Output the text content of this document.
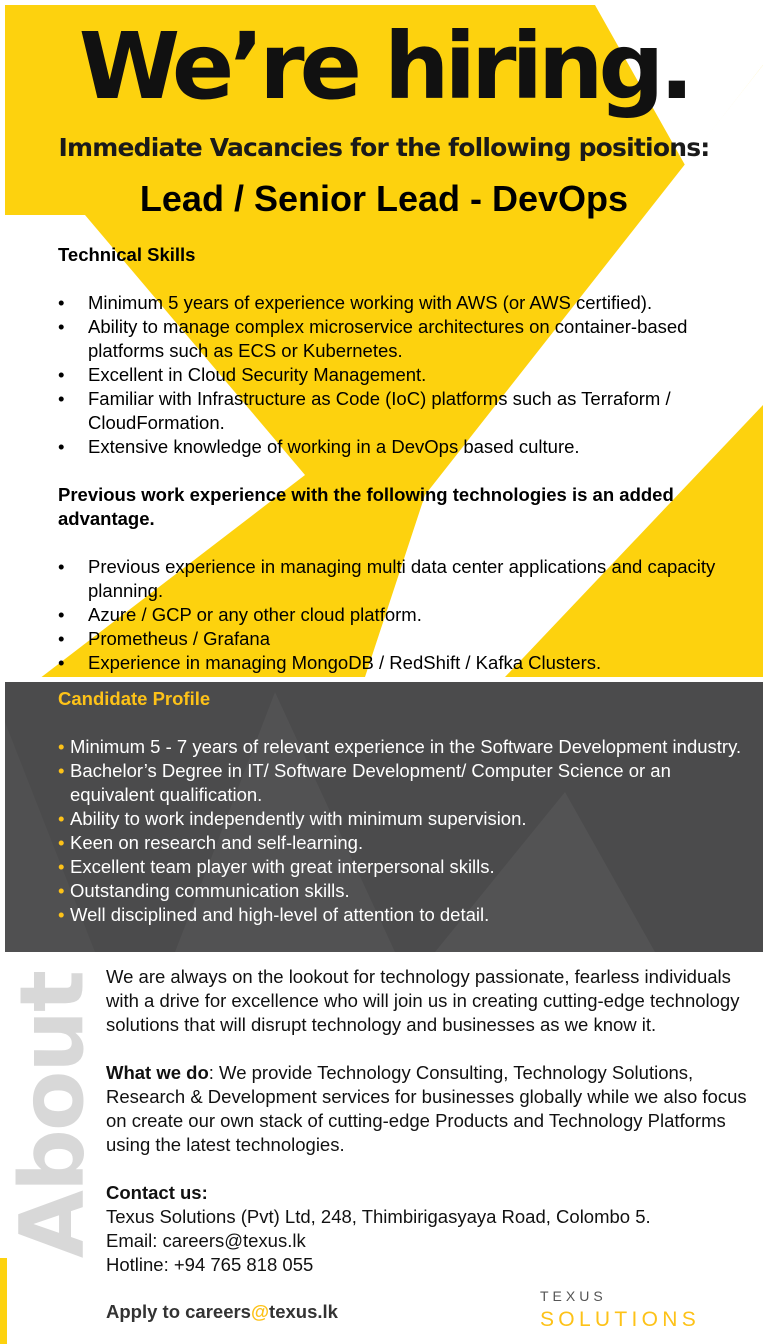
We’re hiring.
Immediate Vacancies for the following positions:
Lead / Senior Lead - DevOps
Technical Skills
• Minimum 5 years of experience working with AWS (or AWS certified).
• Ability to manage complex microservice architectures on container-based platforms such as ECS or Kubernetes.
• Excellent in Cloud Security Management.
• Familiar with Infrastructure as Code (IoC) platforms such as Terraform / CloudFormation.
• Extensive knowledge of working in a DevOps based culture.
Previous work experience with the following technologies is an added advantage.
• Previous experience in managing multi data center applications and capacity planning.
• Azure / GCP or any other cloud platform.
• Prometheus / Grafana
• Experience in managing MongoDB / RedShift / Kafka Clusters.
Candidate Profile
• Minimum 5 - 7 years of relevant experience in the Software Development industry.
• Bachelor’s Degree in IT/ Software Development/ Computer Science or an equivalent qualification.
• Ability to work independently with minimum supervision.
• Keen on research and self-learning.
• Excellent team player with great interpersonal skills.
• Outstanding communication skills.
• Well disciplined and high-level of attention to detail.
About We are always on the lookout for technology passionate, fearless individuals with a drive for excellence who will join us in creating cutting-edge technology solutions that will disrupt technology and businesses as we know it.
What we do: We provide Technology Consulting, Technology Solutions, Research & Development services for businesses globally while we also focus on create our own stack of cutting-edge Products and Technology Platforms using the latest technologies.
Contact us:
Texus Solutions (Pvt) Ltd, 248, Thimbirigasyaya Road, Colombo 5.
Email: careers@texus.lk
Hotline: +94 765 818 055
Apply to careers@texus.lk
TEXUS
SOLUTIONS
